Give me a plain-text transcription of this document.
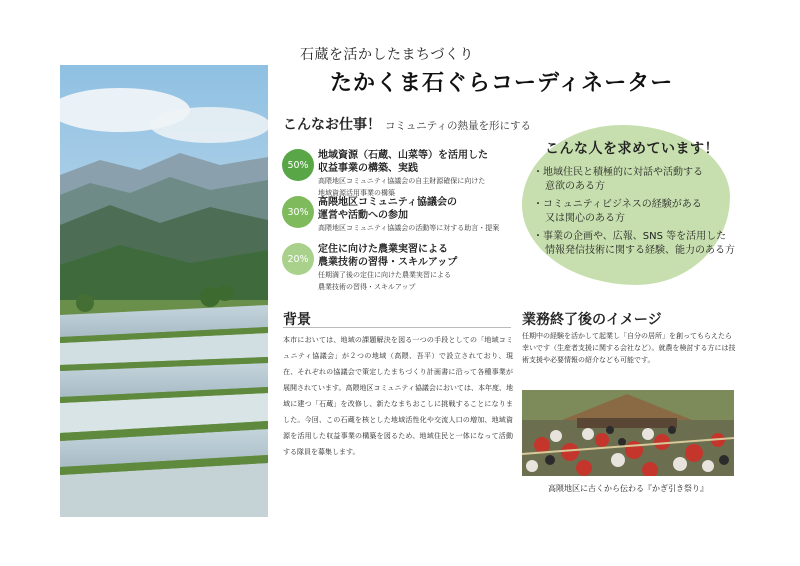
石蔵を活かしたまちづくり
たかくま石ぐらコーディネーター
こんなお仕事！ コミュニティの熱量を形にする
50%
地域資源（石蔵、山菜等）を活用した
収益事業の構築、実践
高隈地区コミュニティ協議会の自主財源確保に向けた
地域資源活用事業の構築
30%
高隈地区コミュニティ協議会の
運営や活動への参加
高隈地区コミュニティ協議会の活動等に対する助言・提案
20%
定住に向けた農業実習による
農業技術の習得・スキルアップ
任期満了後の定住に向けた農業実習による
農業技術の習得・スキルアップ
こんな人を求めています！
・地域住民と積極的に対話や活動する
意欲のある方
・コミュニティビジネスの経験がある
又は関心のある方
・事業の企画や、広報、SNS 等を活用した
情報発信技術に関する経験、能力のある方
背景
本市においては、地域の課題解決を図る一つの手段としての「地域コミュニティ協議会」が２つの地域（高隈、吾平）で設立されており、現在、それぞれの協議会で策定したまちづくり計画書に沿って各種事業が展開されています。高隈地区コミュニティ協議会においては、本年度、地域に建つ「石蔵」を改修し、新たなまちおこしに挑戦することになりました。今回、この石蔵を核とした地域活性化や交流人口の増加、地域資源を活用した収益事業の構築を図るため、地域住民と一体になって活動する隊員を募集します。
業務終了後のイメージ
任期中の経験を活かして起業し「自分の居所」を創ってもらえたら幸いです（生産者支援に関する会社など）。就農を検討する方には技術支援や必要情報の紹介なども可能です。
高隈地区に古くから伝わる『かぎ引き祭り』
